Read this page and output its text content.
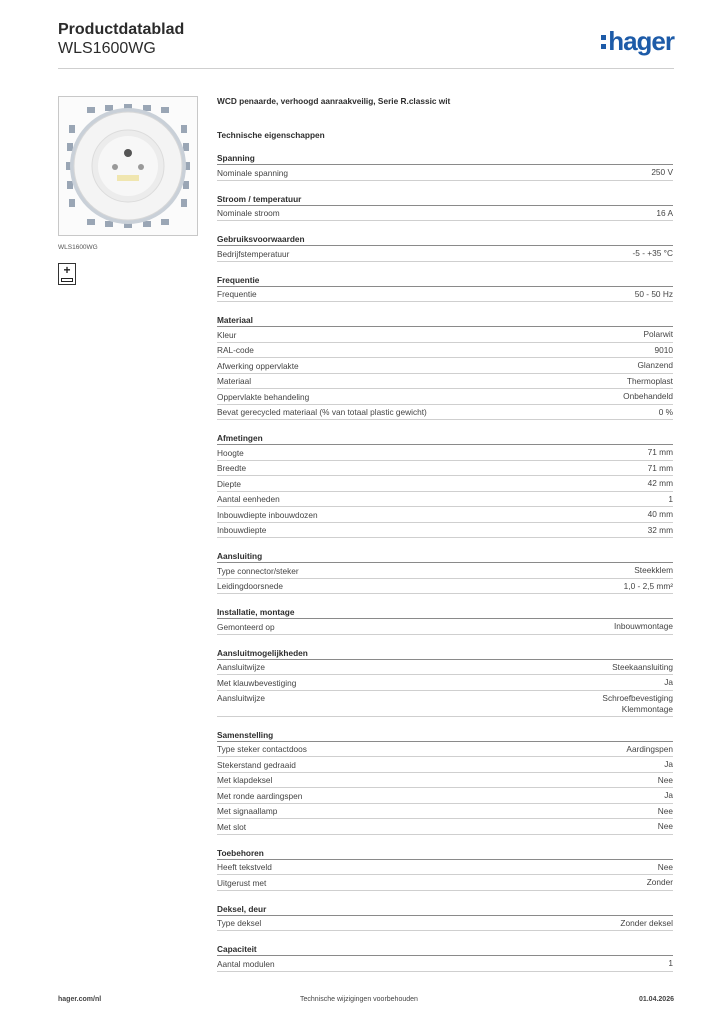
Productdatablad
WLS1600WG	hager
WLS1600WG
+
WCD penaarde, verhoogd aanraakveilig, Serie R.classic wit
Technische eigenschappen
Spanning
Nominale spanning	250 V
Stroom / temperatuur
Nominale stroom	16 A
Gebruiksvoorwaarden
Bedrijfstemperatuur	-5 - +35 °C
Frequentie
Frequentie	50 - 50 Hz
Materiaal
Kleur	Polarwit
RAL-code	9010
Afwerking oppervlakte	Glanzend
Materiaal	Thermoplast
Oppervlakte behandeling	Onbehandeld
Bevat gerecycled materiaal (% van totaal plastic gewicht)	0 %
Afmetingen
Hoogte	71 mm
Breedte	71 mm
Diepte	42 mm
Aantal eenheden	1
Inbouwdiepte inbouwdozen	40 mm
Inbouwdiepte	32 mm
Aansluiting
Type connector/steker	Steekklem
Leidingdoorsnede	1,0 - 2,5 mm²
Installatie, montage
Gemonteerd op	Inbouwmontage
Aansluitmogelijkheden
Aansluitwijze	Steekaansluiting
Met klauwbevestiging	Ja
Aansluitwijze	Schroefbevestiging
Klemmontage
Samenstelling
Type steker contactdoos	Aardingspen
Stekerstand gedraaid	Ja
Met klapdeksel	Nee
Met ronde aardingspen	Ja
Met signaallamp	Nee
Met slot	Nee
Toebehoren
Heeft tekstveld	Nee
Uitgerust met	Zonder
Deksel, deur
Type deksel	Zonder deksel
Capaciteit
Aantal modulen	1
hager.com/nl	Technische wijzigingen voorbehouden	01.04.2026
